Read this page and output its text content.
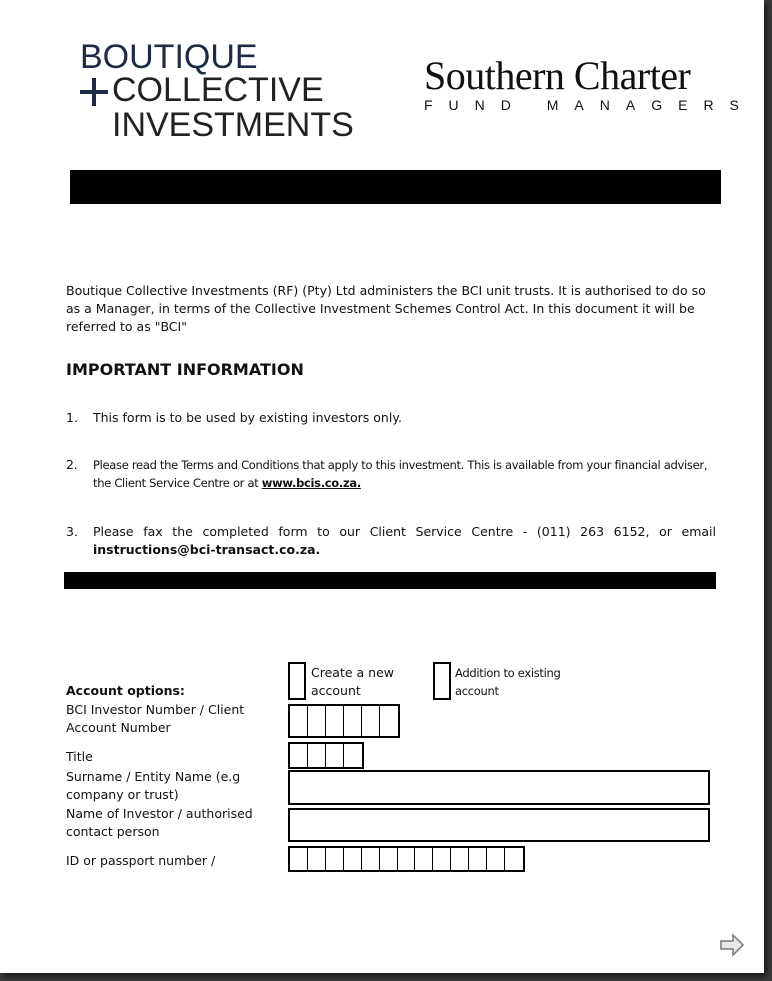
BOUTIQUE
COLLECTIVE
INVESTMENTS
Southern Charter
FUND MANAGERS
Boutique Collective Investments (RF) (Pty) Ltd administers the BCI unit trusts. It is authorised to do so as a Manager, in terms of the Collective Investment Schemes Control Act. In this document it will be referred to as "BCI"
IMPORTANT INFORMATION
1. This form is to be used by existing investors only.
2. Please read the Terms and Conditions that apply to this investment. This is available from your financial adviser, the Client Service Centre or at www.bcis.co.za.
3. Please fax the completed form to our Client Service Centre - (011) 263 6152, or email instructions@bci-transact.co.za.
Create a new account
Addition to existing account
Account options:
BCI Investor Number / Client Account Number
Title
Surname / Entity Name (e.g company or trust)
Name of Investor / authorised contact person
ID or passport number /
